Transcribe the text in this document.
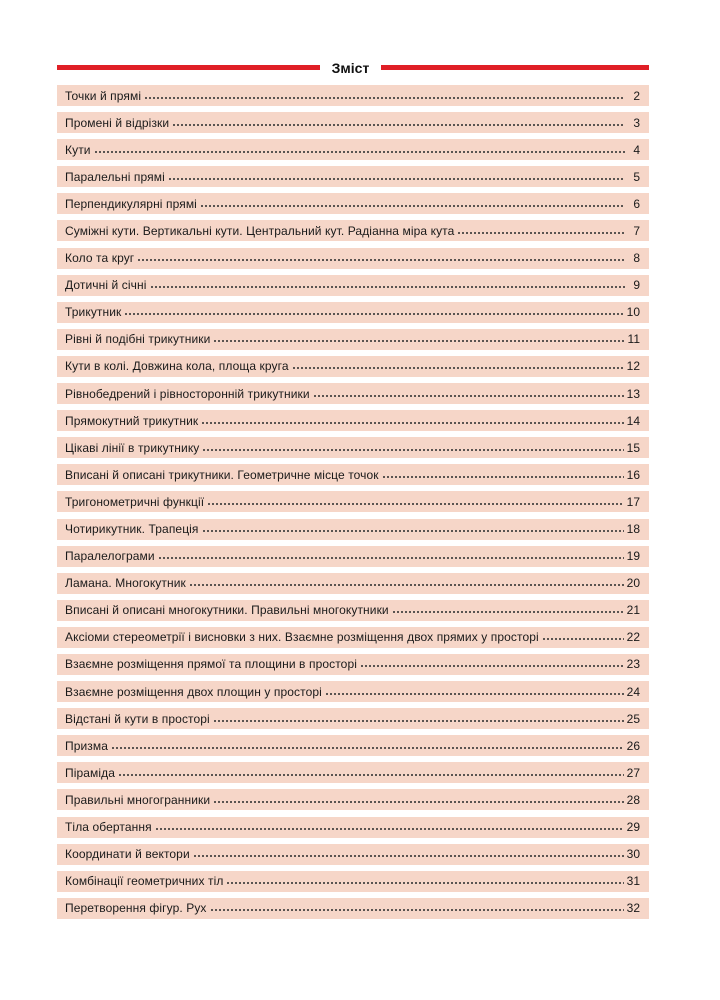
Зміст
Точки й прямі	2
Промені й відрізки	3
Кути	4
Паралельні прямі	5
Перпендикулярні прямі	6
Суміжні кути. Вертикальні кути. Центральний кут. Радіанна міра кута	7
Коло та круг	8
Дотичні й січні	9
Трикутник	10
Рівні й подібні трикутники	11
Кути в колі. Довжина кола, площа круга	12
Рівнобедрений і рівносторонній трикутники	13
Прямокутний трикутник	14
Цікаві лінії в трикутнику	15
Вписані й описані трикутники. Геометричне місце точок	16
Тригонометричні функції	17
Чотирикутник. Трапеція	18
Паралелограми	19
Ламана. Многокутник	20
Вписані й описані многокутники. Правильні многокутники	21
Аксіоми стереометрії і висновки з них. Взаємне розміщення двох прямих у просторі	22
Взаємне розміщення прямої та площини в просторі	23
Взаємне розміщення двох площин у просторі	24
Відстані й кути в просторі	25
Призма	26
Піраміда	27
Правильні многогранники	28
Тіла обертання	29
Координати й вектори	30
Комбінації геометричних тіл	31
Перетворення фігур. Рух	32
